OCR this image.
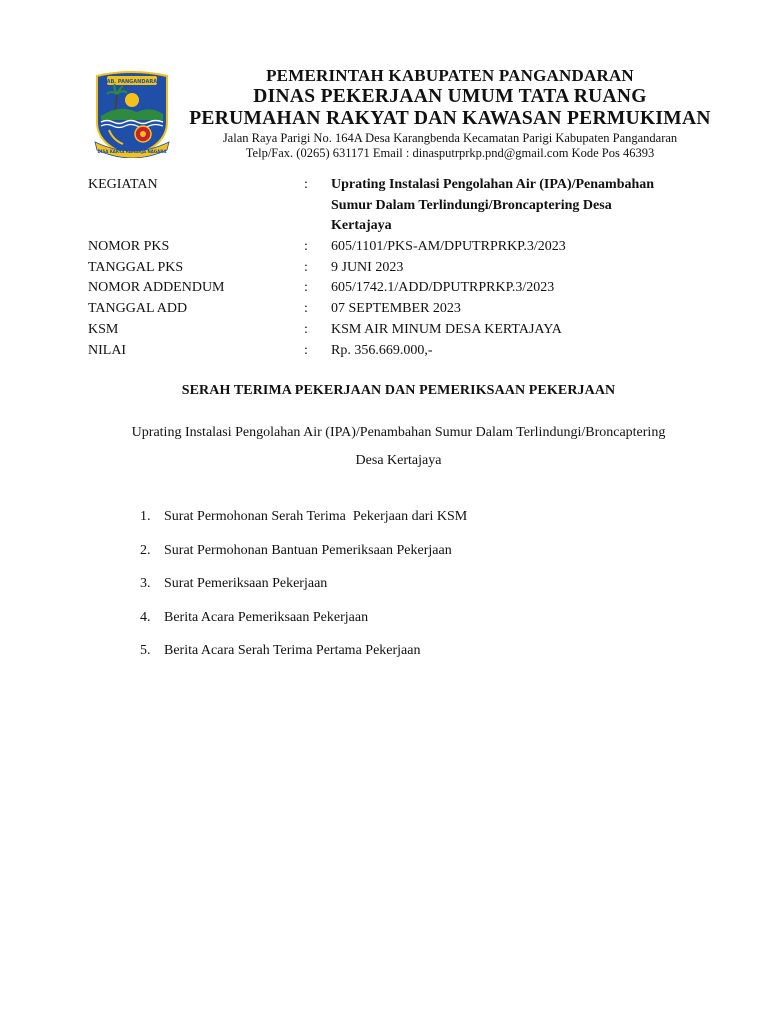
KAB. PANGANDARAN
DISA KARYA RAHARJA NAGARA

PEMERINTAH KABUPATEN PANGANDARAN

DINAS PEKERJAAN UMUM TATA RUANG

PERUMAHAN RAKYAT DAN KAWASAN PERMUKIMAN

Jalan Raya Parigi No. 164A Desa Karangbenda Kecamatan Parigi Kabupaten Pangandaran

Telp/Fax. (0265) 631171 Email : dinasputrprkp.pnd@gmail.com Kode Pos 46393

KEGIATAN	: Uprating Instalasi Pengolahan Air (IPA)/Penambahan
Sumur Dalam Terlindungi/Broncaptering Desa
Kertajaya
NOMOR PKS	: 605/1101/PKS-AM/DPUTRPRKP.3/2023
TANGGAL PKS	: 9 JUNI 2023
NOMOR ADDENDUM	: 605/1742.1/ADD/DPUTRPRKP.3/2023
TANGGAL ADD	: 07 SEPTEMBER 2023
KSM	: KSM AIR MINUM DESA KERTAJAYA
NILAI	: Rp. 356.669.000,-
SERAH TERIMA PEKERJAAN DAN PEMERIKSAAN PEKERJAAN
Uprating Instalasi Pengolahan Air (IPA)/Penambahan Sumur Dalam Terlindungi/Broncaptering
Desa Kertajaya
1. Surat Permohonan Serah Terima  Pekerjaan dari KSM
2. Surat Permohonan Bantuan Pemeriksaan Pekerjaan
3. Surat Pemeriksaan Pekerjaan
4. Berita Acara Pemeriksaan Pekerjaan
5. Berita Acara Serah Terima Pertama Pekerjaan
